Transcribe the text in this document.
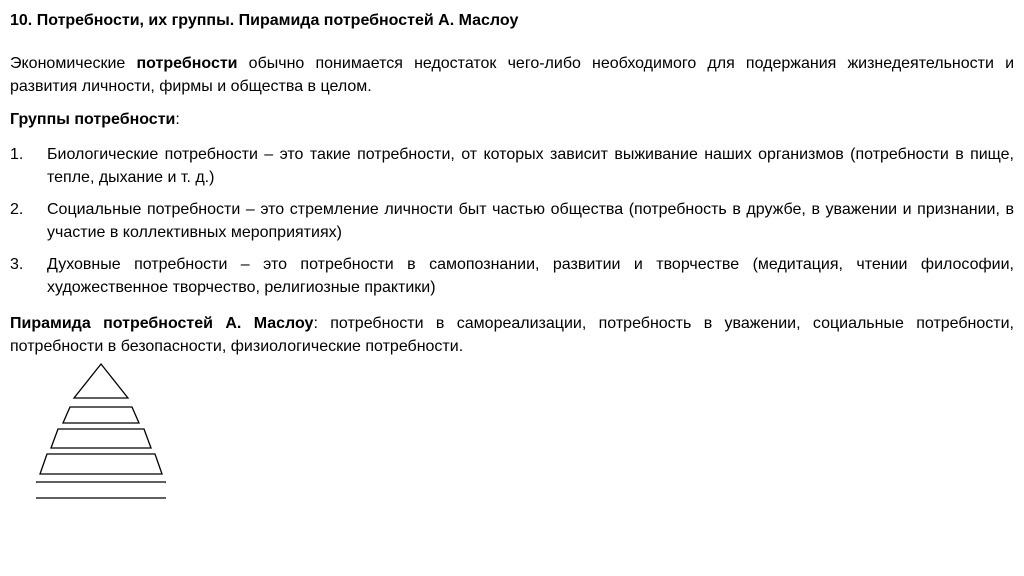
10. Потребности, их группы. Пирамида потребностей А. Маслоу
Экономические потребности обычно понимается недостаток чего-либо необходимого для подержания жизнедеятельности и развития личности, фирмы и общества в целом.
Группы потребности:
1.	Биологические потребности – это такие потребности, от которых зависит выживание наших организмов (потребности в пище, тепле, дыхание и т. д.)
2.	Социальные потребности – это стремление личности быт частью общества (потребность в дружбе, в уважении и признании, в участие в коллективных мероприятиях)
3.	Духовные потребности – это потребности в самопознании, развитии и творчестве (медитация, чтении философии, художественное творчество, религиозные практики)
Пирамида потребностей А. Маслоу: потребности в самореализации, потребность в уважении, социальные потребности, потребности в безопасности, физиологические потребности.
